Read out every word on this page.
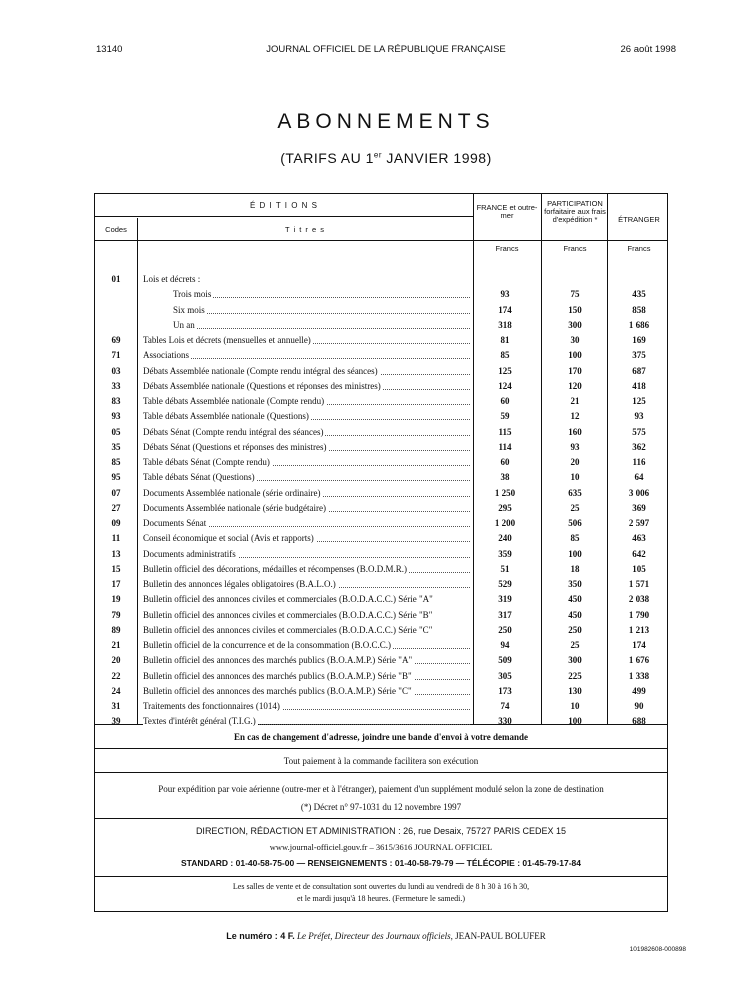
13140	JOURNAL OFFICIEL DE LA RÉPUBLIQUE FRANÇAISE	26 août 1998
ABONNEMENTS
(TARIFS AU 1er JANVIER 1998)
É D I T I O N S
Codes	T i t r e s
FRANCE et outre-mer
PARTICIPATION forfaitaire aux frais d'expédition *	ÉTRANGER
Francs	Francs	Francs
01	Lois et décrets :
Trois mois	93	75	435
Six mois	174	150	858
Un an	318	300	1 686
69	Tables Lois et décrets (mensuelles et annuelle)	81	30	169
71	Associations	85	100	375
03	Débats Assemblée nationale (Compte rendu intégral des séances)	125	170	687
33	Débats Assemblée nationale (Questions et réponses des ministres)	124	120	418
83	Table débats Assemblée nationale (Compte rendu)	60	21	125
93	Table débats Assemblée nationale (Questions)	59	12	93
05	Débats Sénat (Compte rendu intégral des séances)	115	160	575
35	Débats Sénat (Questions et réponses des ministres)	114	93	362
85	Table débats Sénat (Compte rendu)	60	20	116
95	Table débats Sénat (Questions)	38	10	64
07	Documents Assemblée nationale (série ordinaire)	1 250	635	3 006
27	Documents Assemblée nationale (série budgétaire)	295	25	369
09	Documents Sénat	1 200	506	2 597
11	Conseil économique et social (Avis et rapports)	240	85	463
13	Documents administratifs	359	100	642
15	Bulletin officiel des décorations, médailles et récompenses (B.O.D.M.R.)	51	18	105
17	Bulletin des annonces légales obligatoires (B.A.L.O.)	529	350	1 571
19	Bulletin officiel des annonces civiles et commerciales (B.O.D.A.C.C.) Série "A"	319	450	2 038
79	Bulletin officiel des annonces civiles et commerciales (B.O.D.A.C.C.) Série "B"	317	450	1 790
89	Bulletin officiel des annonces civiles et commerciales (B.O.D.A.C.C.) Série "C"	250	250	1 213
21	Bulletin officiel de la concurrence et de la consommation (B.O.C.C.)	94	25	174
20	Bulletin officiel des annonces des marchés publics (B.O.A.M.P.) Série "A"	509	300	1 676
22	Bulletin officiel des annonces des marchés publics (B.O.A.M.P.) Série "B"	305	225	1 338
24	Bulletin officiel des annonces des marchés publics (B.O.A.M.P.) Série "C"	173	130	499
31	Traitements des fonctionnaires (1014)	74	10	90
39	Textes d'intérêt général (T.I.G.)	330	100	688
En cas de changement d'adresse, joindre une bande d'envoi à votre demande
Tout paiement à la commande facilitera son exécution
Pour expédition par voie aérienne (outre-mer et à l'étranger), paiement d'un supplément modulé selon la zone de destination
(*) Décret n° 97-1031 du 12 novembre 1997
DIRECTION, RÉDACTION ET ADMINISTRATION : 26, rue Desaix, 75727 PARIS CEDEX 15
www.journal-officiel.gouv.fr – 3615/3616 JOURNAL OFFICIEL
STANDARD : 01-40-58-75-00 — RENSEIGNEMENTS : 01-40-58-79-79 — TÉLÉCOPIE : 01-45-79-17-84
Les salles de vente et de consultation sont ouvertes du lundi au vendredi de 8 h 30 à 16 h 30,
et le mardi jusqu'à 18 heures. (Fermeture le samedi.)
Le numéro : 4 F. Le Préfet, Directeur des Journaux officiels, JEAN-PAUL BOLUFER
101982608-000898
